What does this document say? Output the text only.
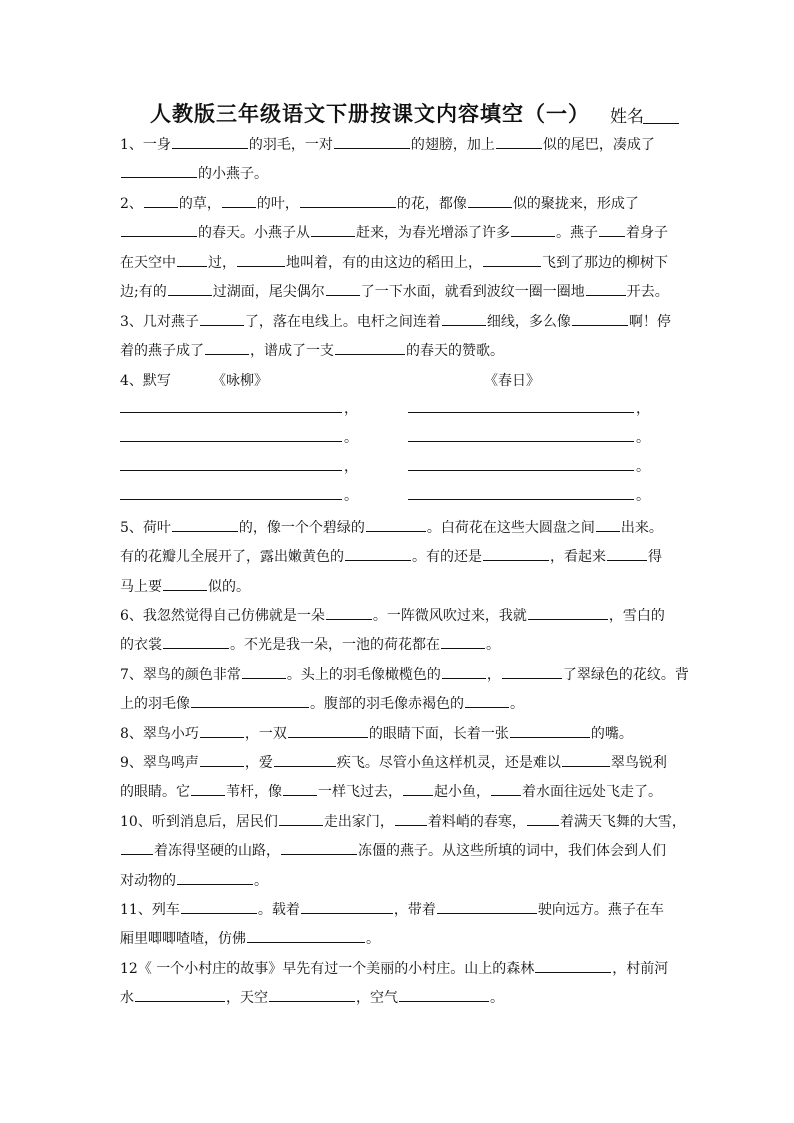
人教版三年级语文下册按课文内容填空（一） 姓名
1、一身	的羽毛，一对	的翅膀，加上	似的尾巴，凑成了
的小燕子。
2、	的草，	的叶，	的花，都像	似的聚拢来，形成了
的春天。小燕子从	赶来，为春光增添了许多	。燕子 着身子
在天空中 过，	地叫着，有的由这边的稻田上，	飞到了那边的柳树下
边;有的	过湖面，尾尖偶尔	了一下水面，就看到波纹一圈一圈地	开去。
3、几对燕子	了，落在电线上。电杆之间连着	细线，多么像	啊！停
着的燕子成了	，谱成了一支	的春天的赞歌。
4、默写	《咏柳》	《春日》
，	，
。	。
，	。
。	。
5、荷叶	的，像一个个碧绿的	。白荷花在这些大圆盘之间 出来。
有的花瓣儿全展开了，露出嫩黄色的	。有的还是	，看起来	得
马上要	似的。
6、我忽然觉得自己仿佛就是一朵	。一阵微风吹过来，我就	，雪白的
的衣裳	。不光是我一朵，一池的荷花都在	。
7、翠鸟的颜色非常	。头上的羽毛像橄榄色的	，	了翠绿色的花纹。背
上的羽毛像	。腹部的羽毛像赤褐色的	。
8、翠鸟小巧	，一双	的眼睛下面，长着一张	的嘴。
9、翠鸟鸣声	，爱	疾飞。尽管小鱼这样机灵，还是难以	翠鸟锐利
的眼睛。它	苇杆，像	一样飞过去， 起小鱼， 着水面往远处飞走了。
10、听到消息后，居民们	走出家门， 着料峭的春寒， 着满天飞舞的大雪，
着冻得坚硬的山路，	冻僵的燕子。从这些所填的词中，我们体会到人们
对动物的	。
11、列车	。载着	，带着	驶向远方。燕子在车
厢里唧唧喳喳，仿佛	。
12《 一个小村庄的故事》早先有过一个美丽的小村庄。山上的森林	，村前河
水	，天空	，空气	。
